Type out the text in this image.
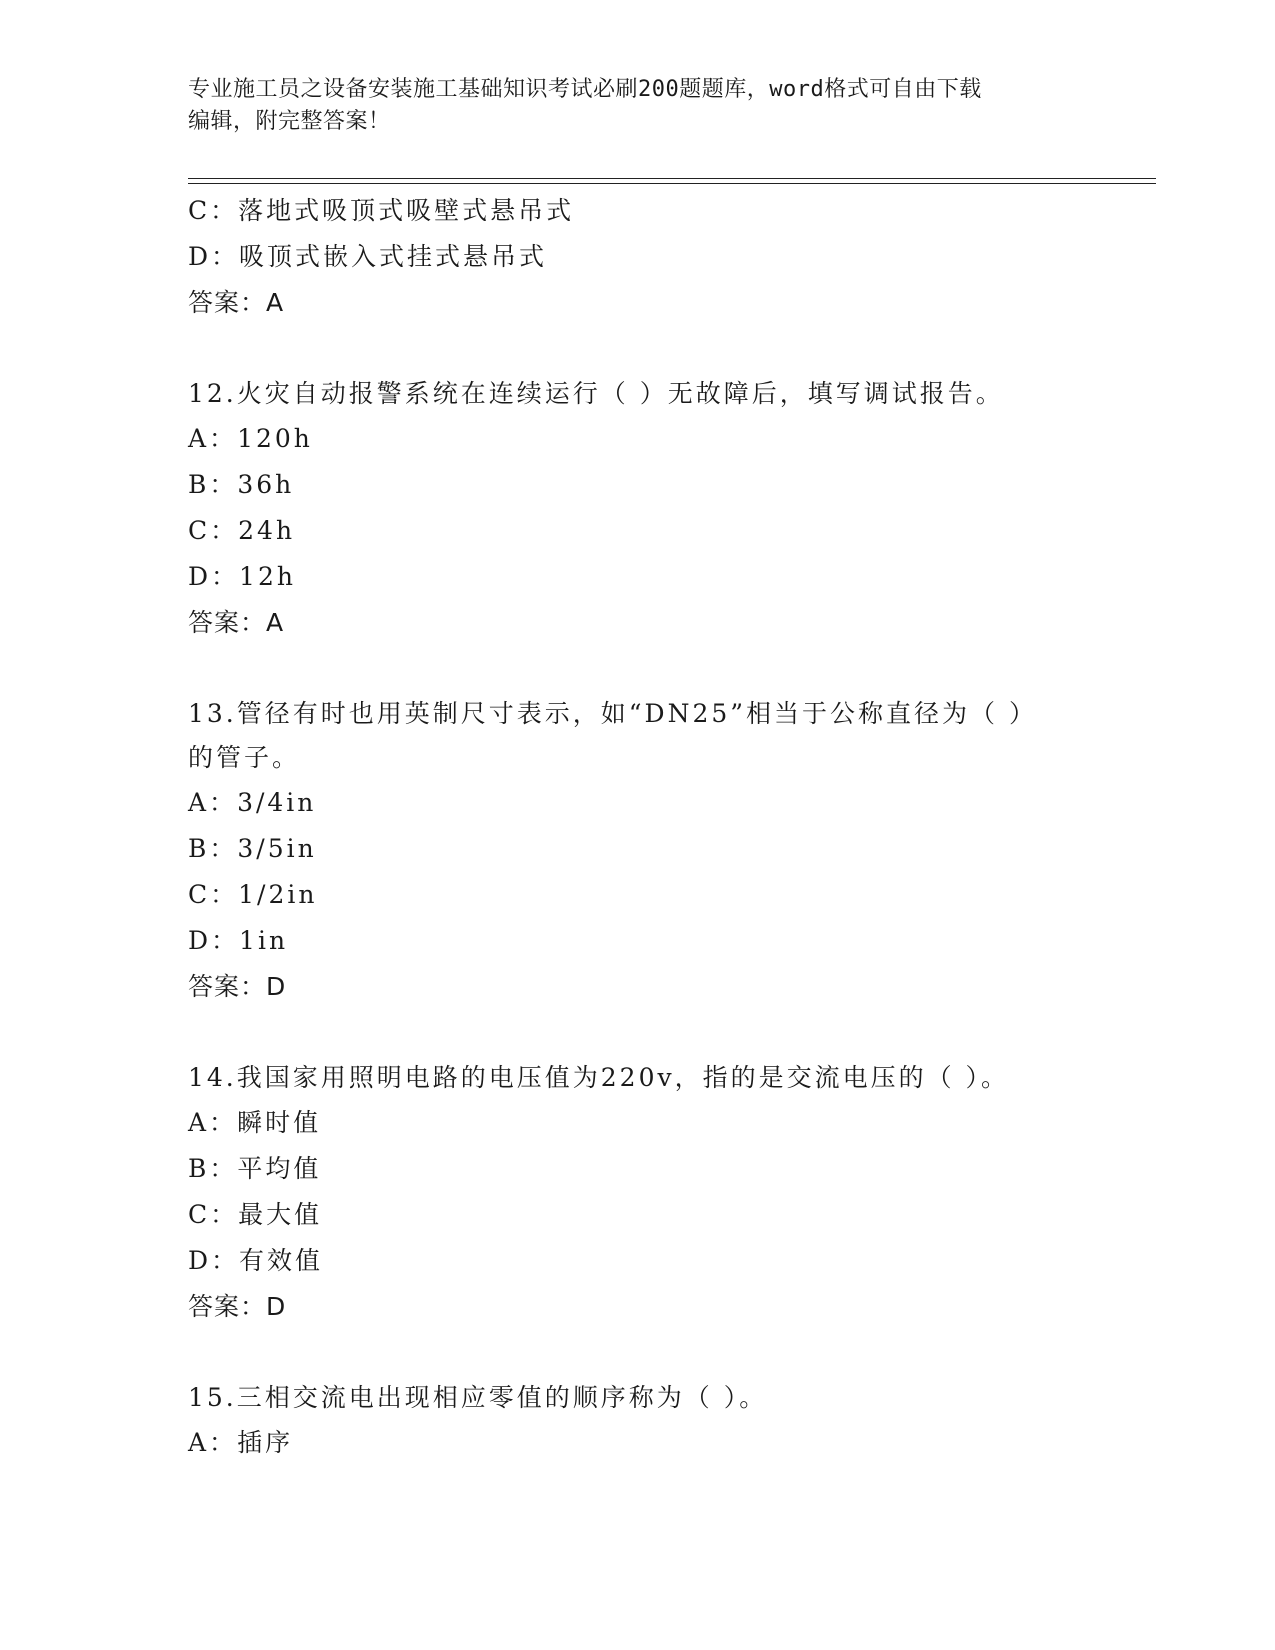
专业施工员之设备安装施工基础知识考试必刷200题题库，word格式可自由下载
编辑，附完整答案！
C：落地式吸顶式吸壁式悬吊式
D：吸顶式嵌入式挂式悬吊式
答案：A
12.火灾自动报警系统在连续运行（ ）无故障后，填写调试报告。
A：120h
B：36h
C：24h
D：12h
答案：A
13.管径有时也用英制尺寸表示，如“DN25”相当于公称直径为（ ）
的管子。
A：3/4in
B：3/5in
C：1/2in
D：1in
答案：D
14.我国家用照明电路的电压值为220v，指的是交流电压的（ ）。
A：瞬时值
B：平均值
C：最大值
D：有效值
答案：D
15.三相交流电出现相应零值的顺序称为（ ）。
A：插序
